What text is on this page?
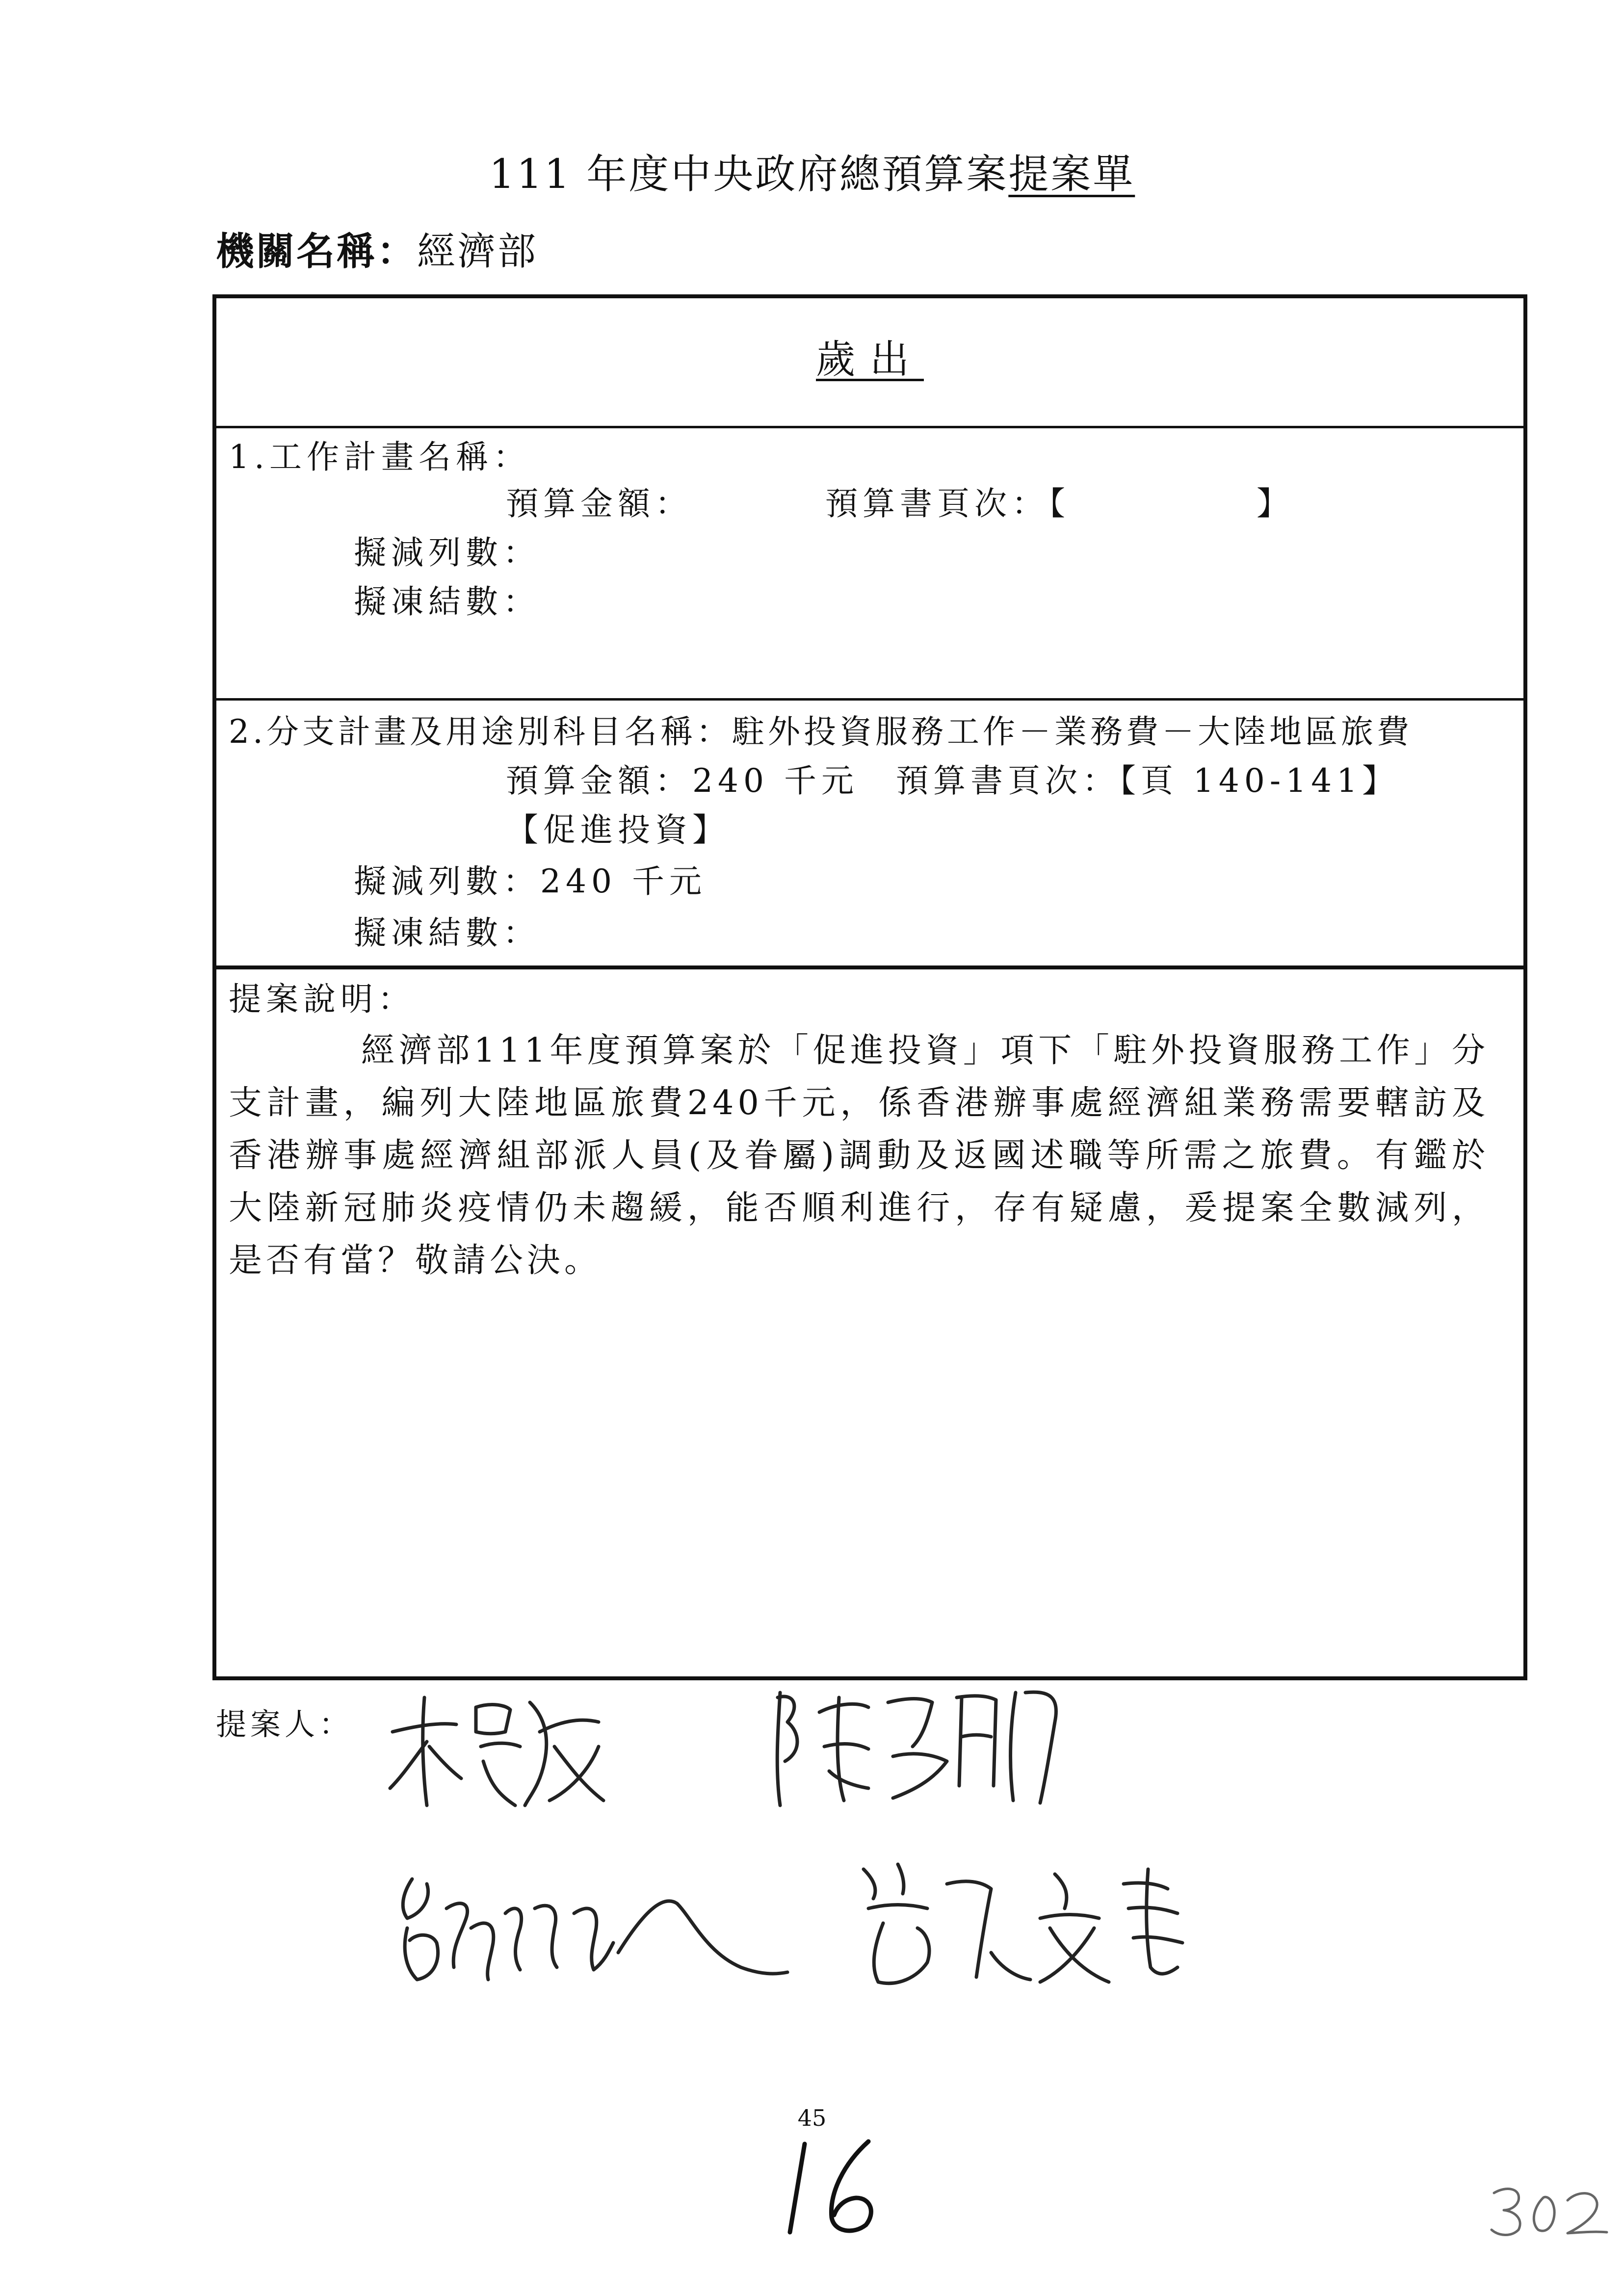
111 年度中央政府總預算案提案單
機關名稱：經濟部
歲出
1.工作計畫名稱：
預算金額：　　　　預算書頁次：【　　　　　】
擬減列數：
擬凍結數：
2.分支計畫及用途別科目名稱：駐外投資服務工作－業務費－大陸地區旅費
預算金額：240 千元　預算書頁次：【頁 140-141】
【促進投資】
擬減列數：240 千元
擬凍結數：
提案說明：
經濟部111年度預算案於「促進投資」項下「駐外投資服務工作」分支計畫，編列大陸地區旅費240千元，係香港辦事處經濟組業務需要轄訪及香港辦事處經濟組部派人員(及眷屬)調動及返國述職等所需之旅費。有鑑於大陸新冠肺炎疫情仍未趨緩，能否順利進行，存有疑慮，爰提案全數減列，是否有當？敬請公決。
提案人：
45
